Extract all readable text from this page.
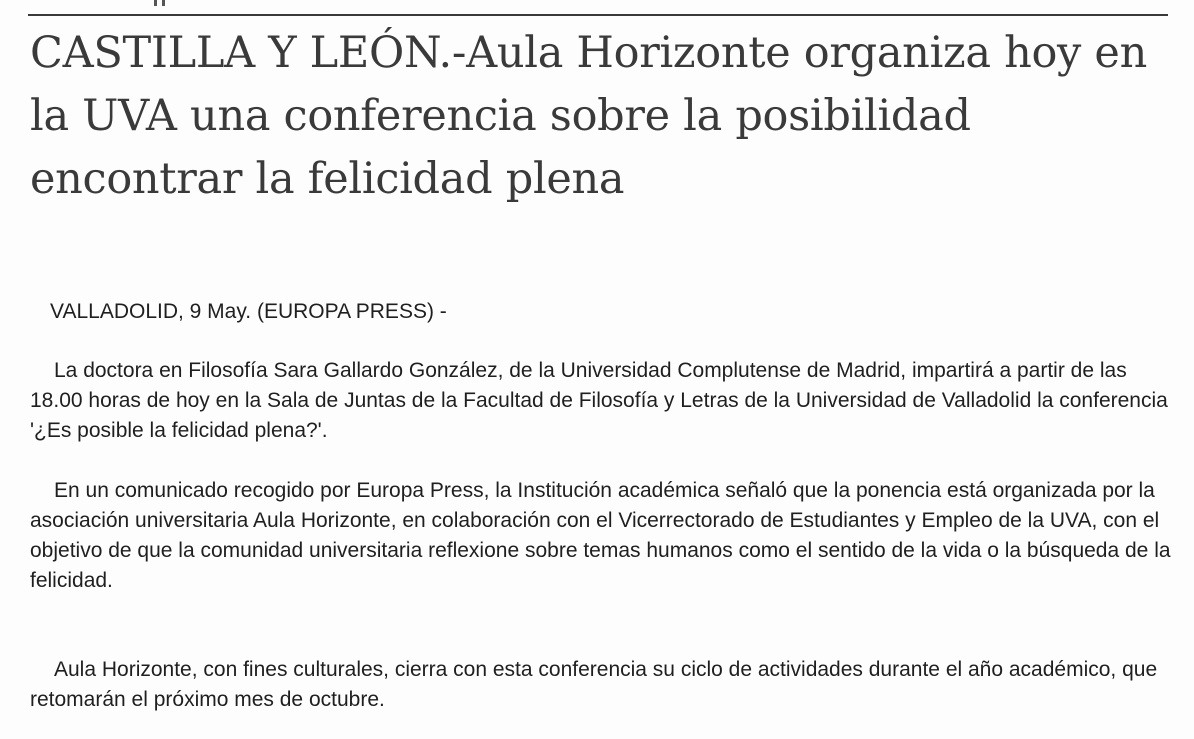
CASTILLA Y LEÓN.-Aula Horizonte organiza hoy en la UVA una conferencia sobre la posibilidad encontrar la felicidad plena

VALLADOLID, 9 May. (EUROPA PRESS) -

La doctora en Filosofía Sara Gallardo González, de la Universidad Complutense de Madrid, impartirá a partir de las 18.00 horas de hoy en la Sala de Juntas de la Facultad de Filosofía y Letras de la Universidad de Valladolid la conferencia '¿Es posible la felicidad plena?'.

En un comunicado recogido por Europa Press, la Institución académica señaló que la ponencia está organizada por la asociación universitaria Aula Horizonte, en colaboración con el Vicerrectorado de Estudiantes y Empleo de la UVA, con el objetivo de que la comunidad universitaria reflexione sobre temas humanos como el sentido de la vida o la búsqueda de la felicidad.

Aula Horizonte, con fines culturales, cierra con esta conferencia su ciclo de actividades durante el año académico, que retomarán el próximo mes de octubre.
